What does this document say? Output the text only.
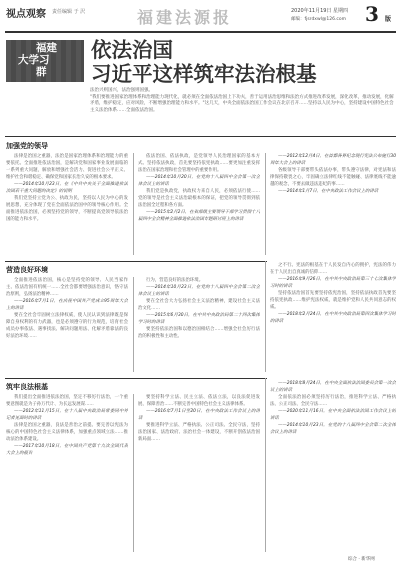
视点观察 责任编辑 于 沢	福建法源报	2020年11月19日 星期四
邮编：fjsrdxwl@126.com 3 版
福建
大学习
群
依法治国
习近平这样筑牢法治根基

法治兴则国兴，法治强则国强。

"我们要推进国家治理体系和治理能力现代化，就必须在全面依法治国上下功夫，善于运用法治思维和法治方式推进改革发展，深化改革，推动发展，化解矛盾，维护稳定，应对风险，不断增强治理能力和水平。"这几天，中央全面依法治国工作会议在北京召开……坚持以人民为中心，坚持建设中国特色社会主义法治体系……全面依法治国。

加强党的领导

法律是治国之重器，法治是国家治理体系和治理能力的重要依托。全面推进依法治国，是解决党和国家事业发展面临的一系列重大问题，解放和增强社会活力、促进社会公平正义、维护社会和谐稳定、确保党和国家长治久安的根本要求。

——2014年10月23日，在《中共中央关于全面推进依法治国若干重大问题的决定》的说明

我们党坚持立党为公、执政为民，坚持以人民为中心的发展思想，充分体现了党在全面依法治国中的领导核心作用。全面推进依法治国，必须坚持党的领导，不断提高党领导依法治国的能力和水平。

依法治国、依法执政，是党领导人民治理国家的基本方式。坚持依法执政，首先要坚持依宪执政……要更加注重发挥法治在国家治理和社会管理中的重要作用。

——2014年10月20日，在党的十八届四中全会第一次全体会议上的讲话

我们党是执政党，执政权力来自人民，必须依法行使……党的领导是社会主义法治最根本的保证，把党的领导贯彻到依法治国全过程和各方面。

——2015年2月2日，在省部级主要领导干部学习贯彻十八届四中全会精神全面推进依法治国专题研讨班上的讲话

——2012年12月4日，在首都各界纪念现行宪法公布施行30周年大会上的讲话

各级领导干部要带头依法办事，带头遵守法律，对宪法和法律保持敬畏之心，牢固确立法律红线不能触碰、法律底线不能逾越的观念，不要去做违法违纪的事……

——2014年1月7日，在中央政法工作会议上的讲话

营造良好环境

全面推进依法治国，核心是坚持党的领导、人民当家作主、依法治国有机统一……全社会都要增强法治意识，恪守法治原则，弘扬法治精神……

——2016年7月1日，在庆祝中国共产党成立95周年大会上的讲话

要在全社会牢固树立法律权威，使人民认识到法律既是保障自身权利的有力武器，也是必须遵守的行为规范，培育社会成员办事依法、遇事找法、解决问题用法、化解矛盾靠法的良好法治环境……

行为，营造良好的法治环境。

——2014年10月23日，在党的十八届四中全会第二次全体会议上的讲话

要在全社会大力弘扬社会主义法治精神，建设社会主义法治文化……

——2015年6月30日，在中共中央政治局第二十四次集体学习时的讲话

要坚持依法治国和以德治国相结合……增强全社会厉行法治的积极性和主动性。

之不行。宪法的根基在于人民发自内心的拥护，宪法的伟力在于人民出自真诚的信仰……

——2016年9月26日，在中共中央政治局第三十七次集体学习时的讲话

坚持依法治国首先要坚持依宪治国，坚持依法执政首先要坚持依宪执政……维护宪法权威，就是维护党和人民共同意志的权威。

——2018年2月24日，在中共中央政治局第四次集体学习时的讲话

筑牢良法根基

我们提出全面推进依法治国，坚定不移厉行法治，一个重要意图就是为子孙万代计、为长远发展谋……

——2012年11月15日，在十八届中央政治局常委同中外记者见面时的讲话

法律是治国之重器，良法是善治之前提。要完善以宪法为核心的中国特色社会主义法律体系，加强重点领域立法……推动法治体系建设。

——2017年10月18日，在中国共产党第十九次全国代表大会上的报告

要坚持科学立法、民主立法、依法立法，以良法促进发展、保障善治……不断完善中国特色社会主义法律体系。

——2016年7月1日至20日，在中央政法工作会议上的讲话

要推进科学立法、严格执法、公正司法、全民守法，坚持法治国家、法治政府、法治社会一体建设，不断开创依法治国新局面……

——2018年8月24日，在中央全面依法治国委员会第一次会议上的讲话

全面依法治国必须坚持厉行法治，推进科学立法、严格执法、公正司法、全民守法……

——2020年11月16日，在中央全面依法治国工作会议上的讲话

——2014年10月23日，在党的十八届四中全会第二次全体会议上的讲话

综合 · 新华网
